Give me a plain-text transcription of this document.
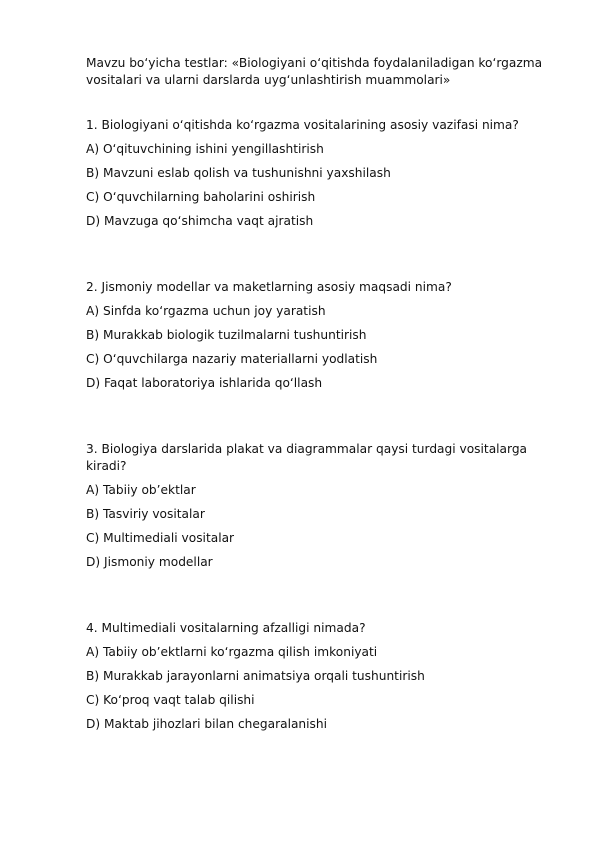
Mavzu bo‘yicha testlar: «Biologiyani o‘qitishda foydalaniladigan ko‘rgazma vositalari va ularni darslarda uyg‘unlashtirish muammolari»

1. Biologiyani o‘qitishda ko‘rgazma vositalarining asosiy vazifasi nima?

A) O‘qituvchining ishini yengillashtirish

B) Mavzuni eslab qolish va tushunishni yaxshilash

C) O‘quvchilarning baholarini oshirish

D) Mavzuga qo‘shimcha vaqt ajratish

2. Jismoniy modellar va maketlarning asosiy maqsadi nima?

A) Sinfda ko‘rgazma uchun joy yaratish

B) Murakkab biologik tuzilmalarni tushuntirish

C) O‘quvchilarga nazariy materiallarni yodlatish

D) Faqat laboratoriya ishlarida qo‘llash

3. Biologiya darslarida plakat va diagrammalar qaysi turdagi vositalarga kiradi?

A) Tabiiy ob’ektlar

B) Tasviriy vositalar

C) Multimediali vositalar

D) Jismoniy modellar

4. Multimediali vositalarning afzalligi nimada?

A) Tabiiy ob’ektlarni ko‘rgazma qilish imkoniyati

B) Murakkab jarayonlarni animatsiya orqali tushuntirish

C) Ko‘proq vaqt talab qilishi

D) Maktab jihozlari bilan chegaralanishi
